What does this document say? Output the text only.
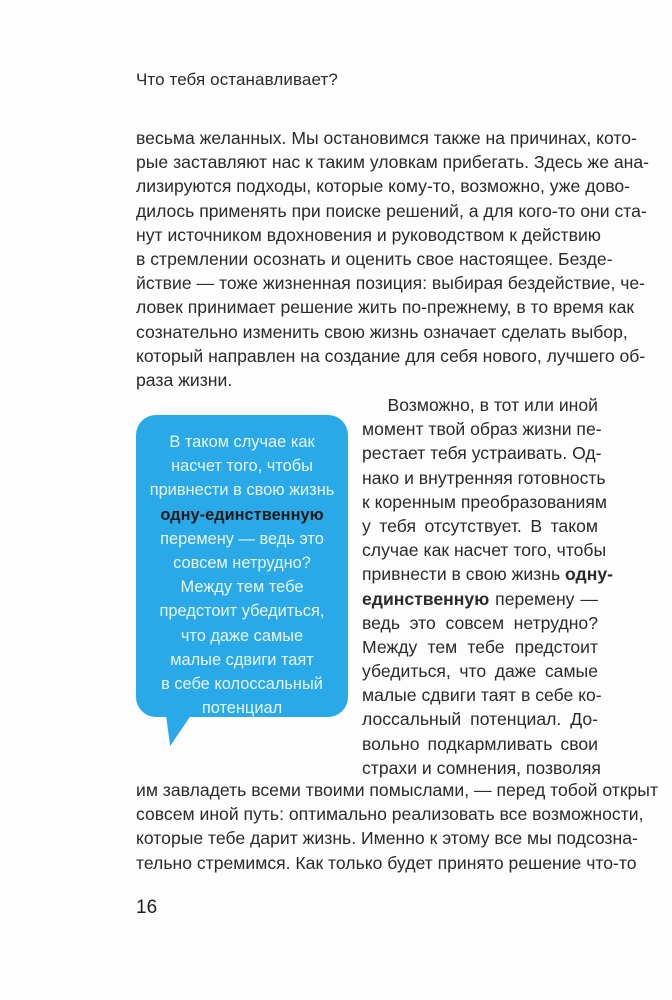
Что тебя останавливает?
весьма желанных. Мы остановимся также на причинах, кото-
рые заставляют нас к таким уловкам прибегать. Здесь же ана-
лизируются подходы, которые кому-то, возможно, уже дово-
дилось применять при поиске решений, а для кого-то они ста-
нут источником вдохновения и руководством к действию
в стремлении осознать и оценить свое настоящее. Безде-
йствие — тоже жизненная позиция: выбирая бездействие, че-
ловек принимает решение жить по-прежнему, в то время как
сознательно изменить свою жизнь означает сделать выбор,
который направлен на создание для себя нового, лучшего об-
раза жизни.
В таком случае как
насчет того, чтобы
привнести в свою жизнь
одну-единственную
перемену — ведь это
совсем нетрудно?
Между тем тебе
предстоит убедиться,
что даже самые
малые сдвиги таят
в себе колоссальный
потенциал
Возможно, в тот или иной
момент твой образ жизни пе-
рестает тебя устраивать. Од-
нако и внутренняя готовность
к коренным преобразованиям
у тебя отсутствует. В таком
случае как насчет того, чтобы
привнести в свою жизнь одну-
единственную перемену —
ведь это совсем нетрудно?
Между тем тебе предстоит
убедиться, что даже самые
малые сдвиги таят в себе ко-
лоссальный потенциал. До-
вольно подкармливать свои
страхи и сомнения, позволяя
им завладеть всеми твоими помыслами, — перед тобой открыт
совсем иной путь: оптимально реализовать все возможности,
которые тебе дарит жизнь. Именно к этому все мы подсозна-
тельно стремимся. Как только будет принято решение что-то
16
